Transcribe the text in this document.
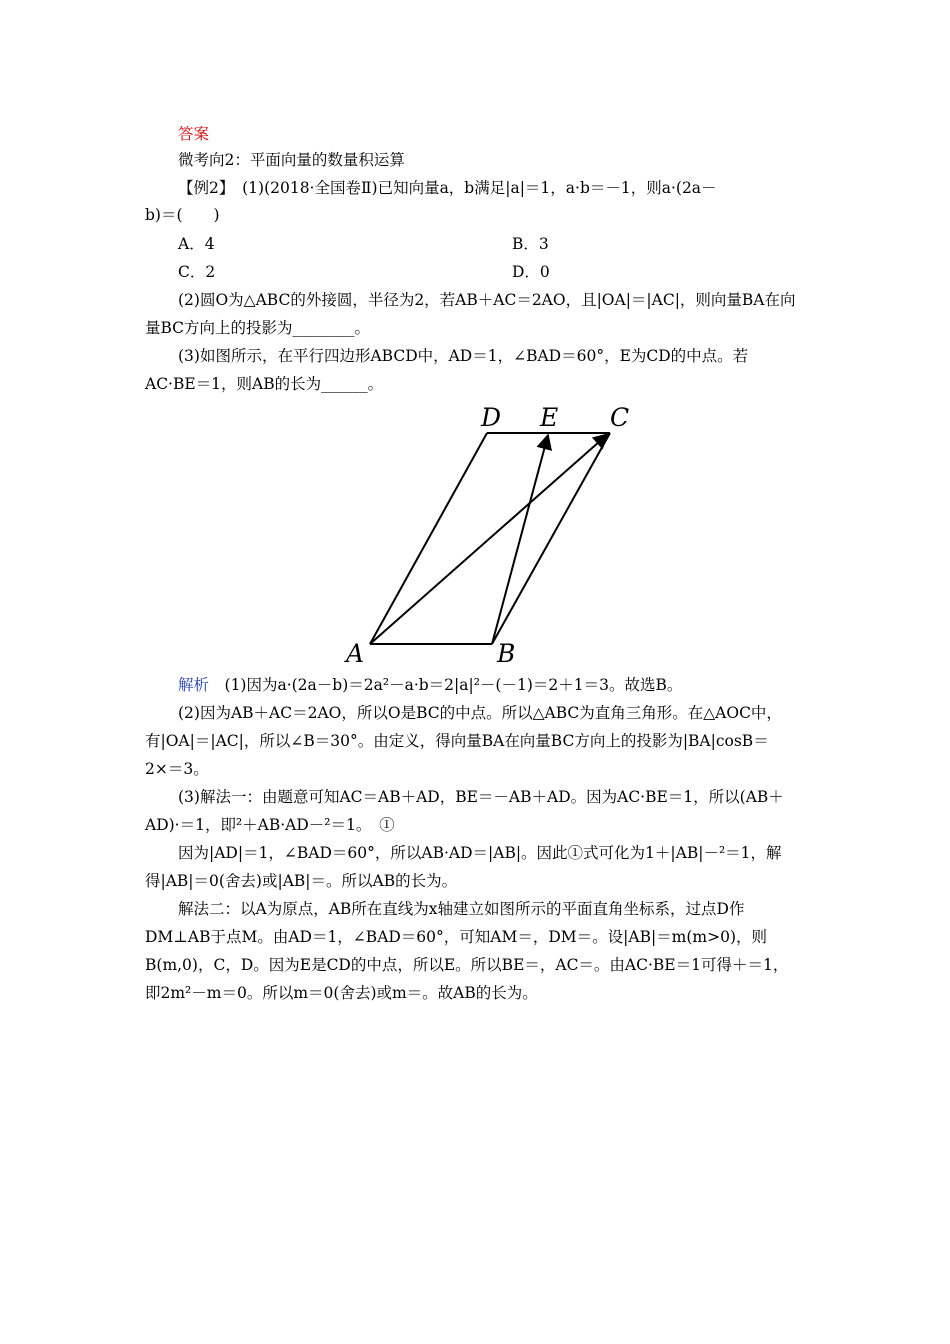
答案
微考向2：平面向量的数量积运算
【例2】　(1)(2018·全国卷Ⅱ)已知向量a，b满足|a|＝1，a·b＝－1，则a·(2a－
b)＝(　　)
A．4	B．3
C．2	D．0
(2)圆O为△ABC的外接圆，半径为2，若AB＋AC＝2AO，且|OA|＝|AC|，则向量BA在向
量BC方向上的投影为________。
(3)如图所示，在平行四边形ABCD中，AD＝1，∠BAD＝60°，E为CD的中点。若
AC·BE＝1，则AB的长为______。
D E C
A	B
解析　(1)因为a·(2a－b)＝2a²－a·b＝2|a|²－(－1)＝2＋1＝3。故选B。
(2)因为AB＋AC＝2AO，所以O是BC的中点。所以△ABC为直角三角形。在△AOC中，
有|OA|＝|AC|，所以∠B＝30°。由定义，得向量BA在向量BC方向上的投影为|BA|cosB＝
2×＝3。
(3)解法一：由题意可知AC＝AB＋AD，BE＝－AB＋AD。因为AC·BE＝1，所以(AB＋
AD)·＝1，即²＋AB·AD－²＝1。　①
因为|AD|＝1，∠BAD＝60°，所以AB·AD＝|AB|。因此①式可化为1＋|AB|－²＝1，解
得|AB|＝0(舍去)或|AB|＝。所以AB的长为。
解法二：以A为原点，AB所在直线为x轴建立如图所示的平面直角坐标系，过点D作
DM⊥AB于点M。由AD＝1，∠BAD＝60°，可知AM＝，DM＝。设|AB|＝m(m>0)，则
B(m,0)，C，D。因为E是CD的中点，所以E。所以BE＝，AC＝。由AC·BE＝1可得＋＝1，
即2m²－m＝0。所以m＝0(舍去)或m＝。故AB的长为。
